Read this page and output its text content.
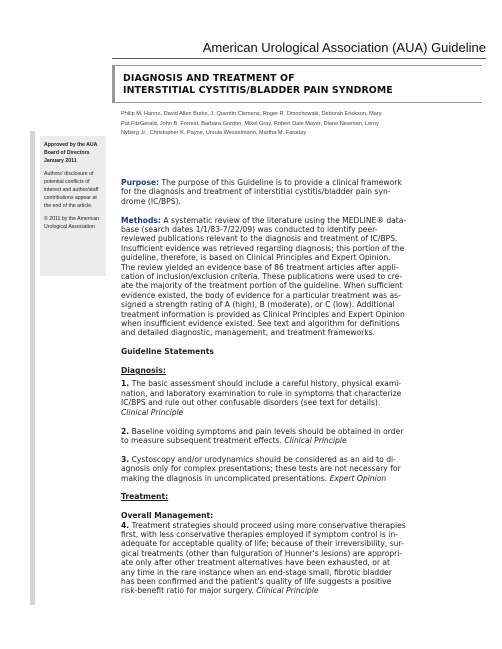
American Urological Association (AUA) Guideline
DIAGNOSIS AND TREATMENT OF
INTERSTITIAL CYSTITIS/BLADDER PAIN SYNDROME
Philip M. Hanno, David Allen Burks, J. Quentin Clemens, Roger R. Dmochowski, Deborah Erickson, Mary
Pat FitzGerald, John B. Forrest, Barbara Gordon, Mikel Gray, Robert Dale Mayer, Diane Newman, Leroy
Nyberg Jr., Christopher K. Payne, Ursula Wesselmann, Martha M. Faraday
Approved by the AUA
Board of Directors
January 2011
Authors' disclosure of
potential conflicts of
interest and author/staff
contributions appear at
the end of the article.
© 2011 by the American
Urological Association

Purpose: The purpose of this Guideline is to provide a clinical framework
for the diagnosis and treatment of interstitial cystitis/bladder pain syn-
drome (IC/BPS).

Methods: A systematic review of the literature using the MEDLINE® data-
base (search dates 1/1/83-7/22/09) was conducted to identify peer-
reviewed publications relevant to the diagnosis and treatment of IC/BPS.
Insufficient evidence was retrieved regarding diagnosis; this portion of the
guideline, therefore, is based on Clinical Principles and Expert Opinion.
The review yielded an evidence base of 86 treatment articles after appli-
cation of inclusion/exclusion criteria. These publications were used to cre-
ate the majority of the treatment portion of the guideline. When sufficient
evidence existed, the body of evidence for a particular treatment was as-
signed a strength rating of A (high), B (moderate), or C (low). Additional
treatment information is provided as Clinical Principles and Expert Opinion
when insufficient evidence existed. See text and algorithm for definitions
and detailed diagnostic, management, and treatment frameworks.

Guideline Statements

Diagnosis:

1. The basic assessment should include a careful history, physical exami-
nation, and laboratory examination to rule in symptoms that characterize
IC/BPS and rule out other confusable disorders (see text for details).
Clinical Principle

2. Baseline voiding symptoms and pain levels should be obtained in order
to measure subsequent treatment effects. Clinical Principle

3. Cystoscopy and/or urodynamics should be considered as an aid to di-
agnosis only for complex presentations; these tests are not necessary for
making the diagnosis in uncomplicated presentations. Expert Opinion

Treatment:

Overall Management:
4. Treatment strategies should proceed using more conservative therapies
first, with less conservative therapies employed if symptom control is in-
adequate for acceptable quality of life; because of their irreversibility, sur-
gical treatments (other than fulguration of Hunner's lesions) are appropri-
ate only after other treatment alternatives have been exhausted, or at
any time in the rare instance when an end-stage small, fibrotic bladder
has been confirmed and the patient's quality of life suggests a positive
risk-benefit ratio for major surgery. Clinical Principle
